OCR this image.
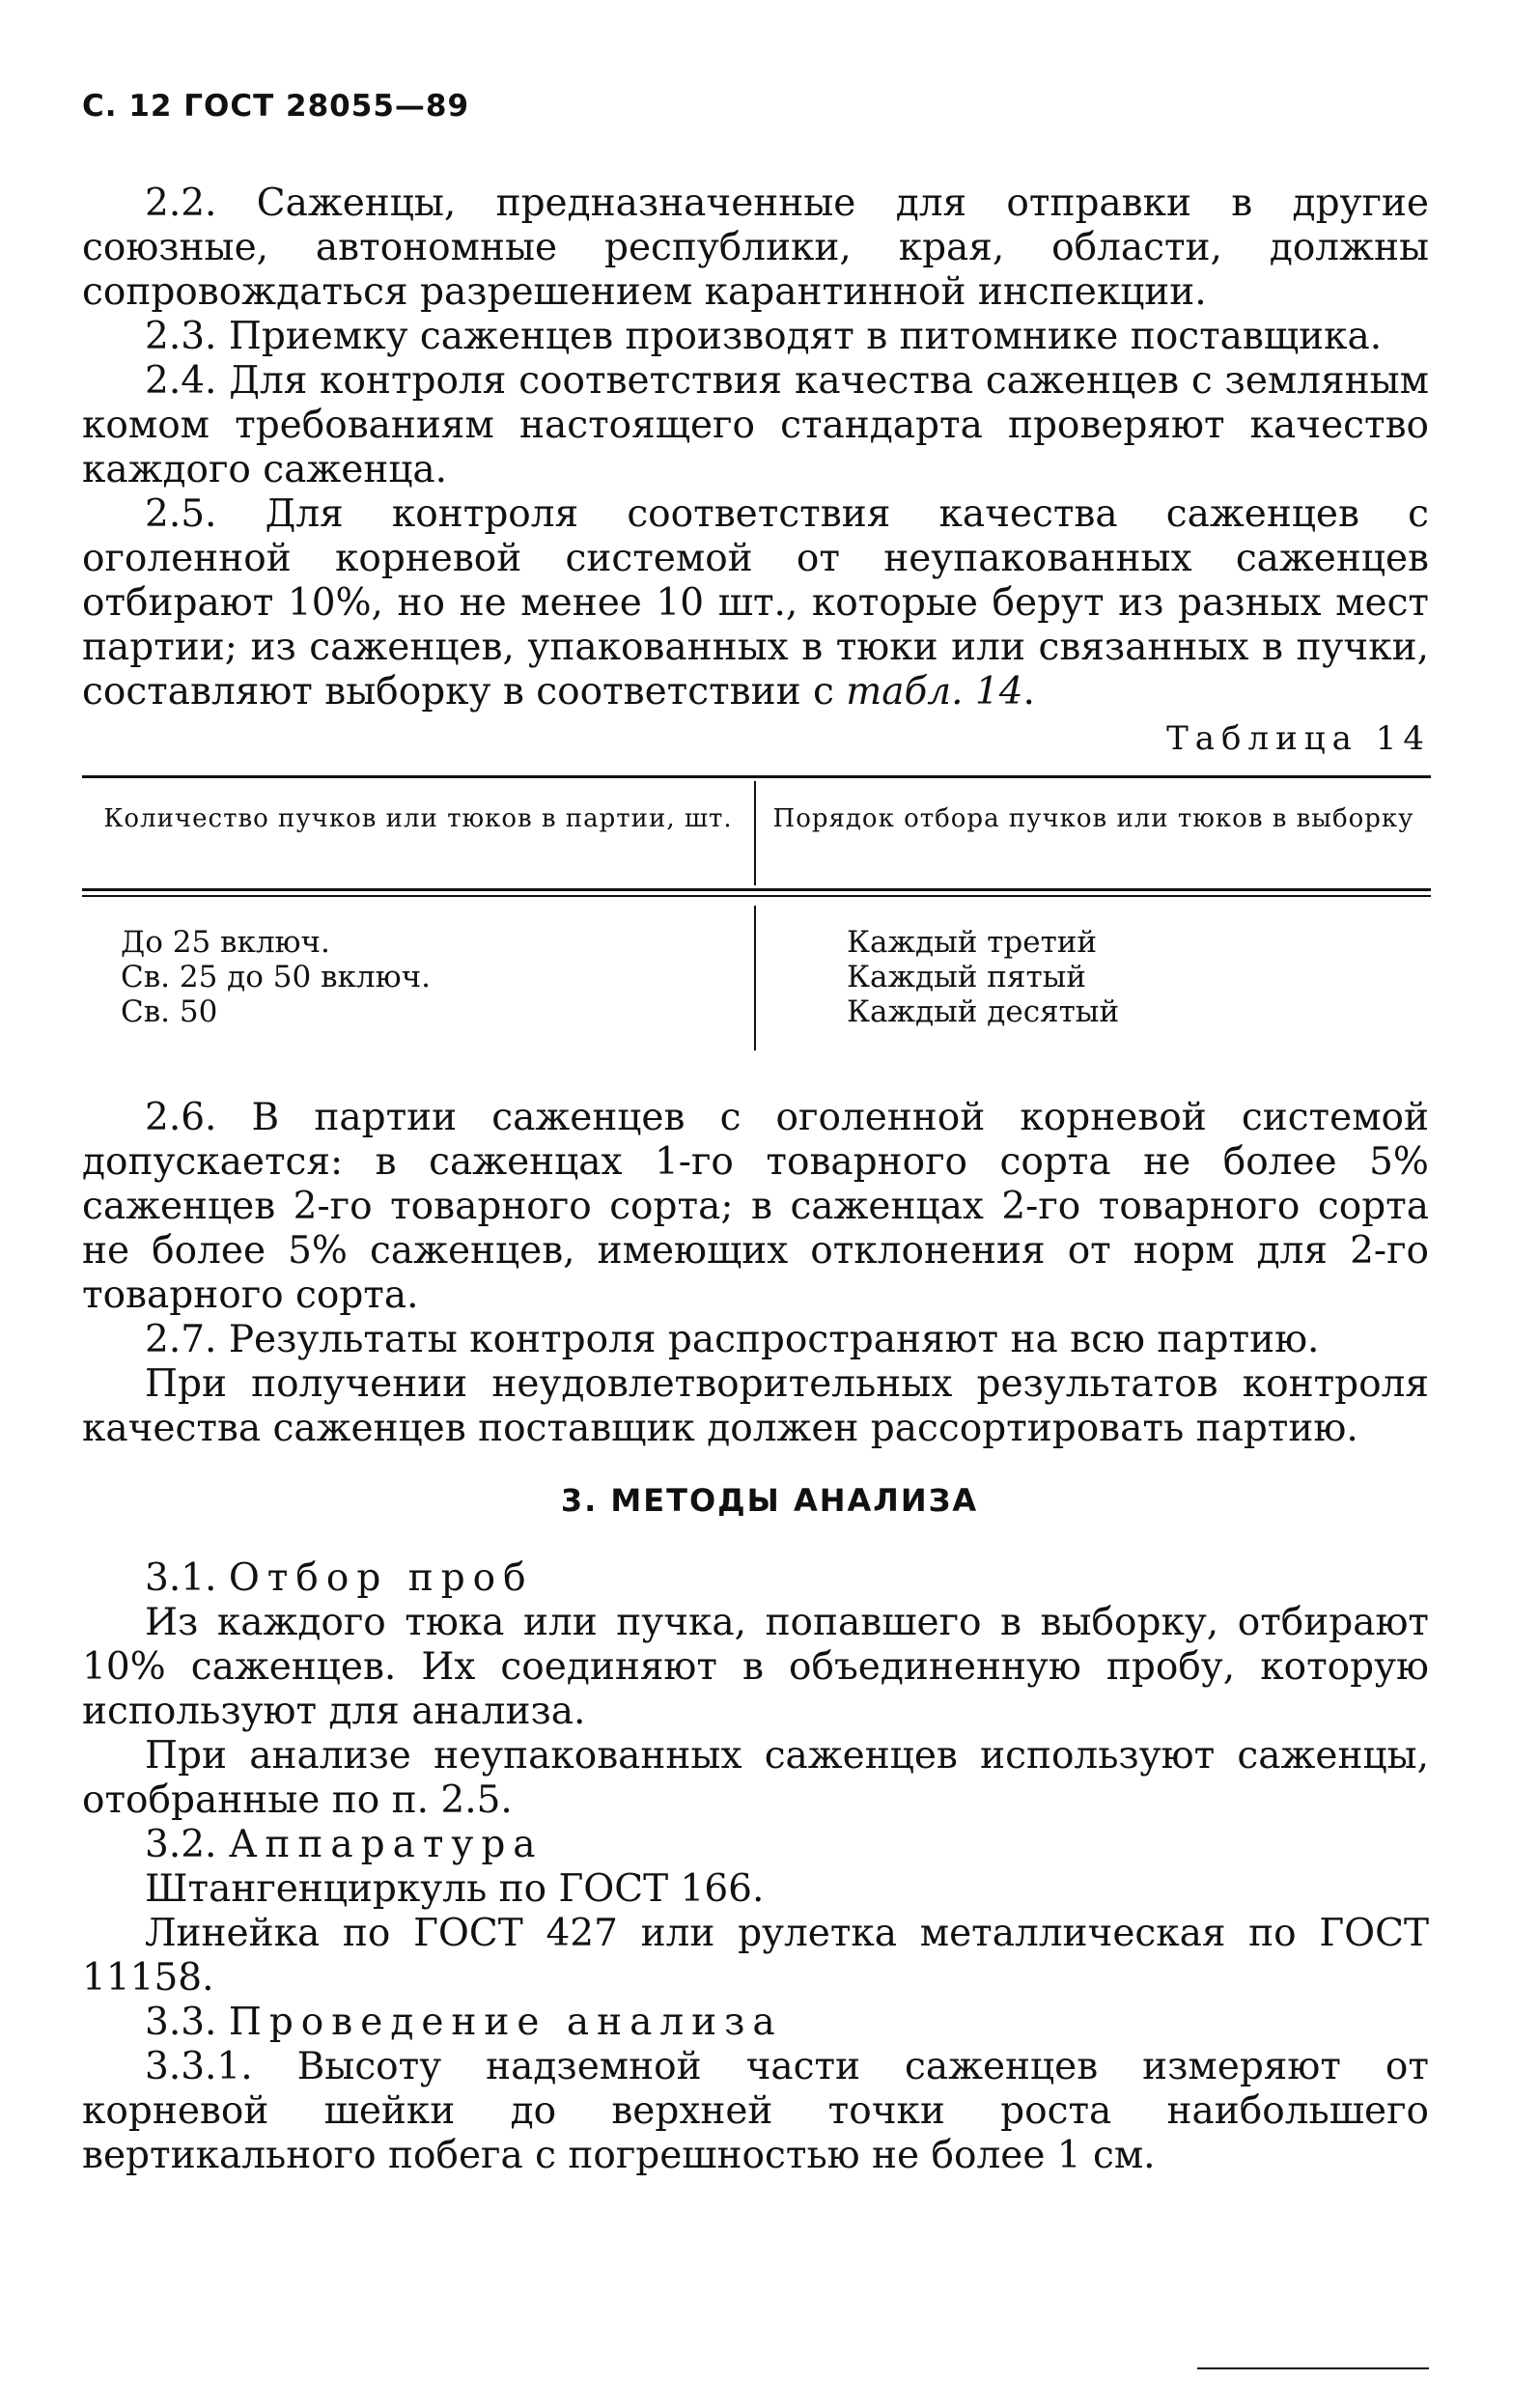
С. 12 ГОСТ 28055—89

2.2. Саженцы, предназначенные для отправки в другие союзные, автономные республики, края, области, должны сопровождаться разрешением карантинной инспекции.

2.3. Приемку саженцев производят в питомнике поставщика.

2.4. Для контроля соответствия качества саженцев с земляным комом требованиям настоящего стандарта проверяют качество каждого саженца.

2.5. Для контроля соответствия качества саженцев с оголенной корневой системой от неупакованных саженцев отбирают 10%, но не менее 10 шт., которые берут из разных мест партии; из саженцев, упакованных в тюки или связанных в пучки, составляют выборку в соответствии с табл. 14.

Таблица 14
Количество пучков или тюков в партии, шт.	Порядок отбора пучков или тюков в выборку
До 25 включ.
Св. 25 до 50 включ.
Св. 50
Каждый третий
Каждый пятый
Каждый десятый

2.6. В партии саженцев с оголенной корневой системой допускается: в саженцах 1-го товарного сорта не более 5% саженцев 2-го товарного сорта; в саженцах 2-го товарного сорта не более 5% саженцев, имеющих отклонения от норм для 2-го товарного сорта.

2.7. Результаты контроля распространяют на всю партию.

При получении неудовлетворительных результатов контроля качества саженцев поставщик должен рассортировать партию.

3. МЕТОДЫ АНАЛИЗА

3.1. Отбор проб

Из каждого тюка или пучка, попавшего в выборку, отбирают 10% саженцев. Их соединяют в объединенную пробу, которую используют для анализа.

При анализе неупакованных саженцев используют саженцы, отобранные по п. 2.5.

3.2. Аппаратура

Штангенциркуль по ГОСТ 166.

Линейка по ГОСТ 427 или рулетка металлическая по ГОСТ 11158.

3.3. Проведение анализа

3.3.1. Высоту надземной части саженцев измеряют от корневой шейки до верхней точки роста наибольшего вертикального побега с погрешностью не более 1 см.
